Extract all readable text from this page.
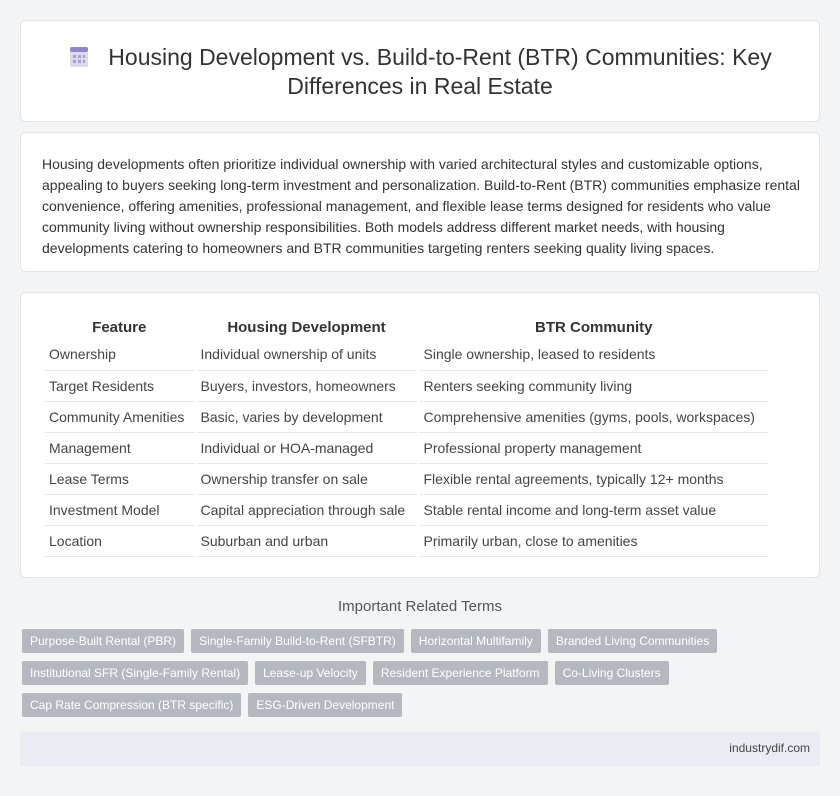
Housing Development vs. Build-to-Rent (BTR) Communities: Key Differences in Real Estate

Housing developments often prioritize individual ownership with varied architectural styles and customizable options, appealing to buyers seeking long-term investment and personalization. Build-to-Rent (BTR) communities emphasize rental convenience, offering amenities, professional management, and flexible lease terms designed for residents who value community living without ownership responsibilities. Both models address different market needs, with housing developments catering to homeowners and BTR communities targeting renters seeking quality living spaces.

Feature	Housing Development	BTR Community
Ownership	Individual ownership of units	Single ownership, leased to residents
Target Residents	Buyers, investors, homeowners	Renters seeking community living
Community Amenities	Basic, varies by development	Comprehensive amenities (gyms, pools, workspaces)
Management	Individual or HOA-managed	Professional property management
Lease Terms	Ownership transfer on sale	Flexible rental agreements, typically 12+ months
Investment Model	Capital appreciation through sale	Stable rental income and long-term asset value
Location	Suburban and urban	Primarily urban, close to amenities
Important Related Terms
Purpose-Built Rental (PBR)	Single-Family Build-to-Rent (SFBTR)	Horizontal Multifamily	Branded Living Communities
Institutional SFR (Single-Family Rental)	Lease-up Velocity	Resident Experience Platform	Co-Living Clusters
Cap Rate Compression (BTR specific)	ESG-Driven Development
industrydif.com
